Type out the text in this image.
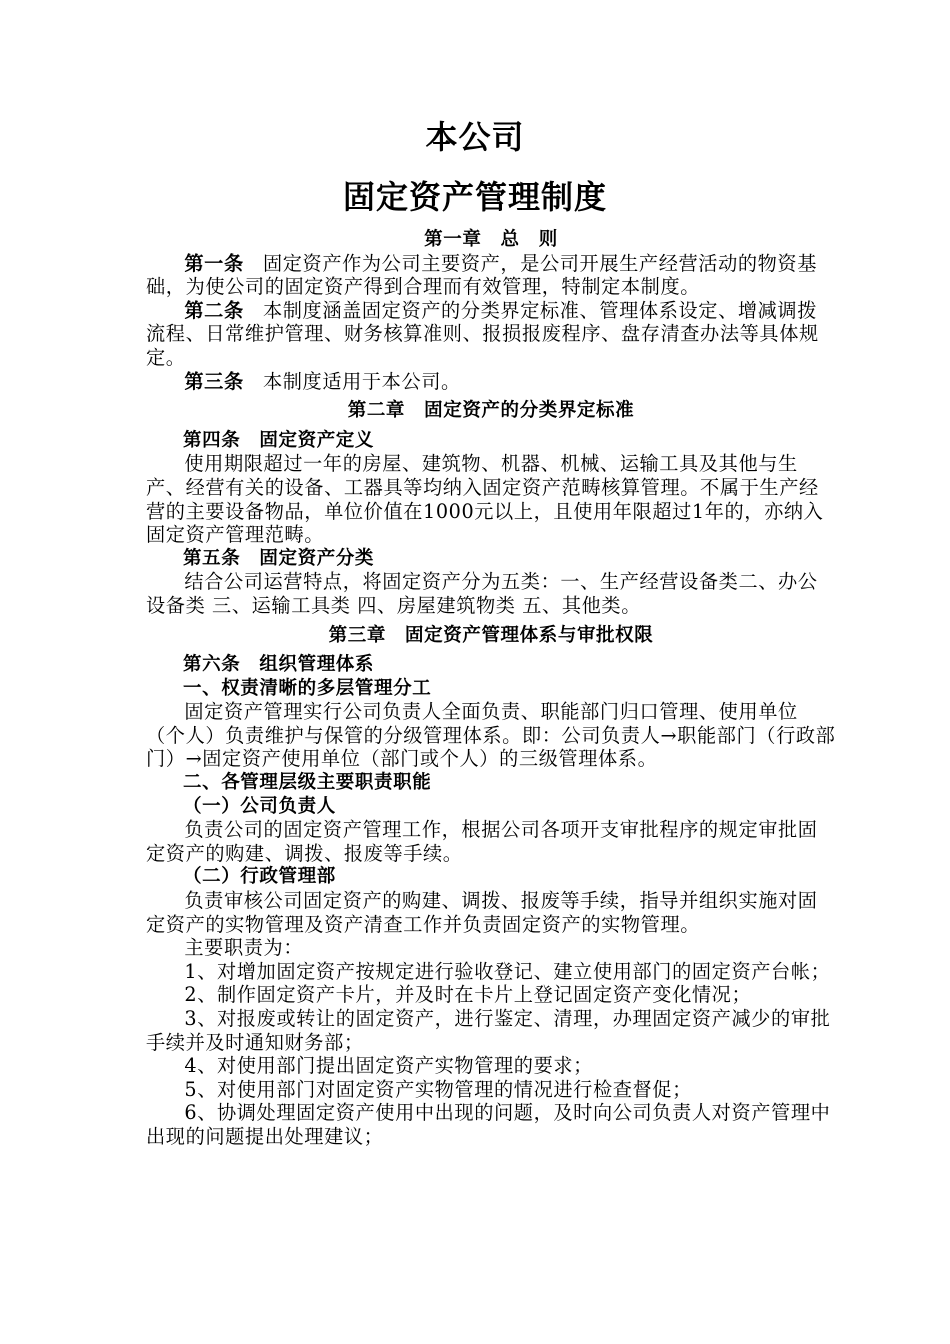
本公司
固定资产管理制度

第一章　总　则

第一条 固定资产作为公司主要资产，是公司开展生产经营活动的物资基础，为使公司的固定资产得到合理而有效管理，特制定本制度。

第二条 本制度涵盖固定资产的分类界定标准、管理体系设定、增减调拨流程、日常维护管理、财务核算准则、报损报废程序、盘存清查办法等具体规定。

第三条 本制度适用于本公司。

第二章　固定资产的分类界定标准

第四条　固定资产定义

使用期限超过一年的房屋、建筑物、机器、机械、运输工具及其他与生产、经营有关的设备、工器具等均纳入固定资产范畴核算管理。不属于生产经营的主要设备物品，单位价值在1000元以上，且使用年限超过1年的，亦纳入固定资产管理范畴。

第五条　固定资产分类

结合公司运营特点，将固定资产分为五类：一、生产经营设备类二、办公设备类 三、运输工具类 四、房屋建筑物类 五、其他类。

第三章　固定资产管理体系与审批权限

第六条　组织管理体系

一、权责清晰的多层管理分工

固定资产管理实行公司负责人全面负责、职能部门归口管理、使用单位（个人）负责维护与保管的分级管理体系。即：公司负责人→职能部门（行政部门）→固定资产使用单位（部门或个人）的三级管理体系。

二、各管理层级主要职责职能

（一）公司负责人

负责公司的固定资产管理工作，根据公司各项开支审批程序的规定审批固定资产的购建、调拨、报废等手续。

（二）行政管理部

负责审核公司固定资产的购建、调拨、报废等手续，指导并组织实施对固定资产的实物管理及资产清查工作并负责固定资产的实物管理。

主要职责为：

1、对增加固定资产按规定进行验收登记、建立使用部门的固定资产台帐；

2、制作固定资产卡片，并及时在卡片上登记固定资产变化情况；

3、对报废或转让的固定资产，进行鉴定、清理，办理固定资产减少的审批手续并及时通知财务部；

4、对使用部门提出固定资产实物管理的要求；

5、对使用部门对固定资产实物管理的情况进行检查督促；

6、协调处理固定资产使用中出现的问题，及时向公司负责人对资产管理中出现的问题提出处理建议；
